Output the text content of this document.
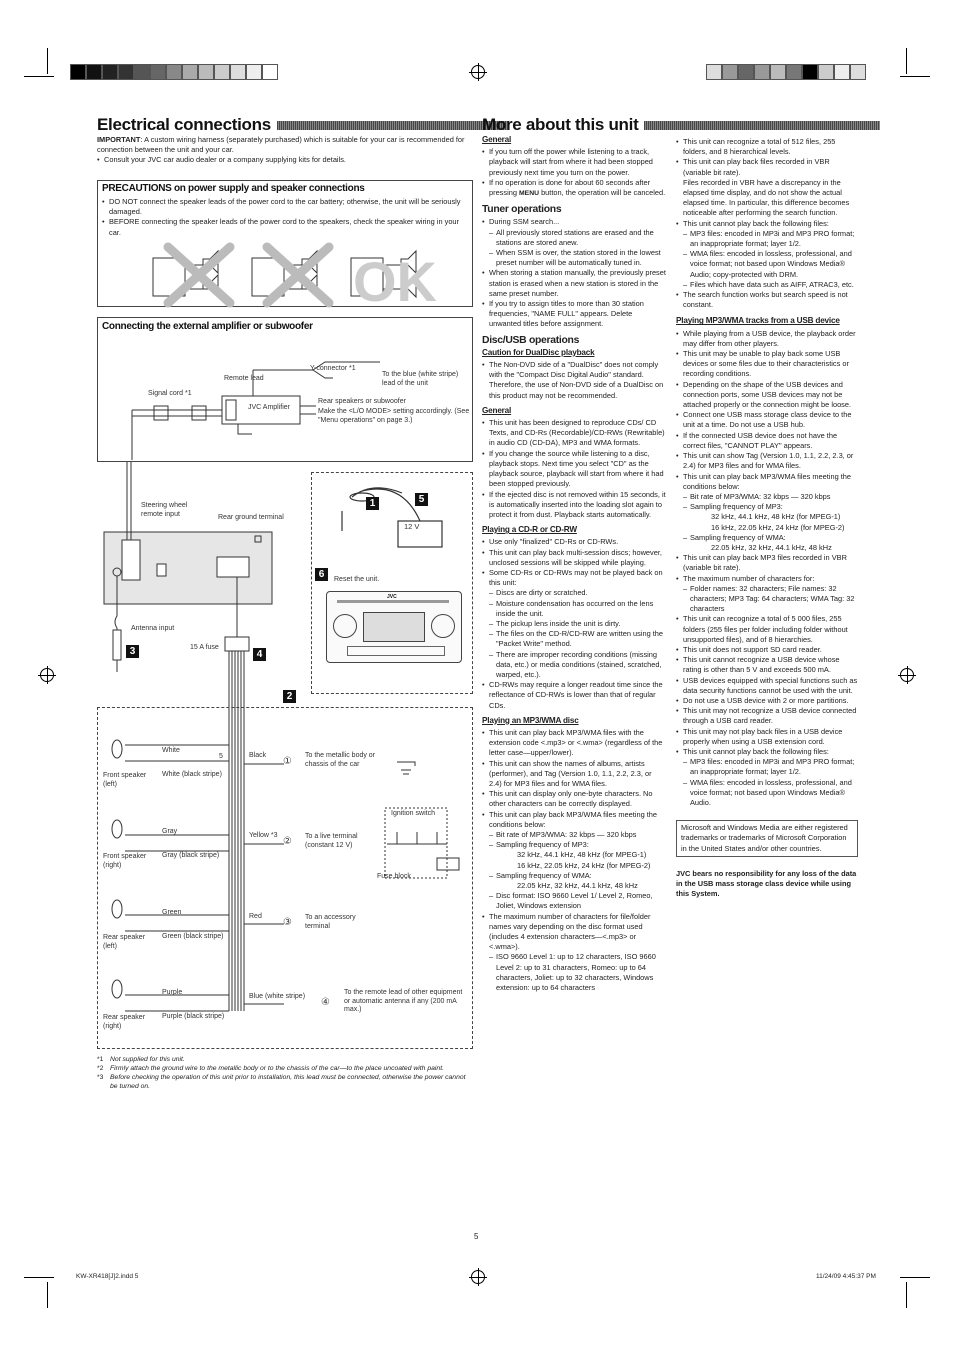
Electrical connections

IMPORTANT: A custom wiring harness (separately purchased) which is suitable for your car is recommended for connection between the unit and your car.

• Consult your JVC car audio dealer or a company supplying kits for details.
PRECAUTIONS on power supply and speaker connections
• DO NOT connect the speaker leads of the power cord to the car battery; otherwise, the unit will be seriously damaged.
• BEFORE connecting the speaker leads of the power cord to the speakers, check the speaker wiring in your car.
OK
Connecting the external amplifier or subwoofer
Remote lead
Y-connector *1
To the blue (white stripe) lead of the unit
Signal cord *1
JVC Amplifier
Rear speakers or subwoofer
Make the <L/O MODE> setting accordingly. (See "Menu operations" on page 3.)
Steering wheel remote input	Rear ground terminal
Antenna input
15 A fuse
12 V
Reset the unit.
JVC
1	5
6
3	4
2
White
White (black stripe)
Front speaker (left)
5
Gray
Gray (black stripe)
Front speaker (right)
Green
Green (black stripe)
Rear speaker (left)
Purple
Purple (black stripe)
Rear speaker (right)
Black
①
To the metallic body or chassis of the car
Yellow *3
② To a live terminal (constant 12 V)
Red
③ To an accessory terminal
Blue (white stripe)
④
To the remote lead of other equipment or automatic antenna if any (200 mA max.)
Ignition switch
Fuse block
*1 Not supplied for this unit.
*2 Firmly attach the ground wire to the metallic body or to the chassis of the car—to the place uncoated with paint.
*3 Before checking the operation of this unit prior to installation, this lead must be connected, otherwise the power cannot be turned on.
More about this unit
General
• If you turn off the power while listening to a track, playback will start from where it had been stopped previously next time you turn on the power.
• If no operation is done for about 60 seconds after pressing MENU button, the operation will be canceled.
Tuner operations
• During SSM search...
– All previously stored stations are erased and the stations are stored anew.
– When SSM is over, the station stored in the lowest preset number will be automatically tuned in.
• When storing a station manually, the previously preset station is erased when a new station is stored in the same preset number.
• If you try to assign titles to more than 30 station frequencies, "NAME FULL" appears. Delete unwanted titles before assignment.
Disc/USB operations
Caution for DualDisc playback
• The Non-DVD side of a "DualDisc" does not comply with the "Compact Disc Digital Audio" standard. Therefore, the use of Non-DVD side of a DualDisc on this product may not be recommended.
General
• This unit has been designed to reproduce CDs/ CD Texts, and CD-Rs (Recordable)/CD-RWs (Rewritable) in audio CD (CD-DA), MP3 and WMA formats.
• If you change the source while listening to a disc, playback stops. Next time you select "CD" as the playback source, playback will start from where it had been stopped previously.
• If the ejected disc is not removed within 15 seconds, it is automatically inserted into the loading slot again to protect it from dust. Playback starts automatically.
Playing a CD-R or CD-RW
• Use only "finalized" CD-Rs or CD-RWs.
• This unit can play back multi-session discs; however, unclosed sessions will be skipped while playing.
• Some CD-Rs or CD-RWs may not be played back on this unit:
– Discs are dirty or scratched.
– Moisture condensation has occurred on the lens inside the unit.
– The pickup lens inside the unit is dirty.
– The files on the CD-R/CD-RW are written using the "Packet Write" method.
– There are improper recording conditions (missing data, etc.) or media conditions (stained, scratched, warped, etc.).
• CD-RWs may require a longer readout time since the reflectance of CD-RWs is lower than that of regular CDs.
Playing an MP3/WMA disc
• This unit can play back MP3/WMA files with the extension code <.mp3> or <.wma> (regardless of the letter case—upper/lower).
• This unit can show the names of albums, artists (performer), and Tag (Version 1.0, 1.1, 2.2, 2.3, or 2.4) for MP3 files and for WMA files.
• This unit can display only one-byte characters. No other characters can be correctly displayed.
• This unit can play back MP3/WMA files meeting the conditions below:
– Bit rate of MP3/WMA: 32 kbps — 320 kbps
– Sampling frequency of MP3:
32 kHz, 44.1 kHz, 48 kHz (for MPEG-1)
16 kHz, 22.05 kHz, 24 kHz (for MPEG-2)
– Sampling frequency of WMA:
22.05 kHz, 32 kHz, 44.1 kHz, 48 kHz
– Disc format: ISO 9660 Level 1/ Level 2, Romeo, Joliet, Windows extension
• The maximum number of characters for file/folder names vary depending on the disc format used (includes 4 extension characters—<.mp3> or <.wma>).
– ISO 9660 Level 1: up to 12 characters, ISO 9660 Level 2: up to 31 characters, Romeo: up to 64 characters, Joliet: up to 32 characters, Windows extension: up to 64 characters
• This unit can recognize a total of 512 files, 255 folders, and 8 hierarchical levels.
• This unit can play back files recorded in VBR (variable bit rate).
Files recorded in VBR have a discrepancy in the elapsed time display, and do not show the actual elapsed time. In particular, this difference becomes noticeable after performing the search function.
• This unit cannot play back the following files:
– MP3 files: encoded in MP3i and MP3 PRO format; an inappropriate format; layer 1/2.
– WMA files: encoded in lossless, professional, and voice format; not based upon Windows Media® Audio; copy-protected with DRM.
– Files which have data such as AIFF, ATRAC3, etc.
• The search function works but search speed is not constant.
Playing MP3/WMA tracks from a USB device
• While playing from a USB device, the playback order may differ from other players.
• This unit may be unable to play back some USB devices or some files due to their characteristics or recording conditions.
• Depending on the shape of the USB devices and connection ports, some USB devices may not be attached properly or the connection might be loose.
• Connect one USB mass storage class device to the unit at a time. Do not use a USB hub.
• If the connected USB device does not have the correct files, "CANNOT PLAY" appears.
• This unit can show Tag (Version 1.0, 1.1, 2.2, 2.3, or 2.4) for MP3 files and for WMA files.
• This unit can play back MP3/WMA files meeting the conditions below:
– Bit rate of MP3/WMA: 32 kbps — 320 kbps
– Sampling frequency of MP3:
32 kHz, 44.1 kHz, 48 kHz (for MPEG-1)
16 kHz, 22.05 kHz, 24 kHz (for MPEG-2)
– Sampling frequency of WMA:
22.05 kHz, 32 kHz, 44.1 kHz, 48 kHz
• This unit can play back MP3 files recorded in VBR (variable bit rate).
• The maximum number of characters for:
– Folder names: 32 characters; File names: 32 characters; MP3 Tag: 64 characters; WMA Tag: 32 characters
• This unit can recognize a total of 5 000 files, 255 folders (255 files per folder including folder without unsupported files), and of 8 hierarchies.
• This unit does not support SD card reader.
• This unit cannot recognize a USB device whose rating is other than 5 V and exceeds 500 mA.
• USB devices equipped with special functions such as data security functions cannot be used with the unit.
• Do not use a USB device with 2 or more partitions.
• This unit may not recognize a USB device connected through a USB card reader.
• This unit may not play back files in a USB device properly when using a USB extension cord.
• This unit cannot play back the following files:
– MP3 files: encoded in MP3i and MP3 PRO format; an inappropriate format; layer 1/2.
– WMA files: encoded in lossless, professional, and voice format; not based upon Windows Media® Audio.
Microsoft and Windows Media are either registered trademarks or trademarks of Microsoft Corporation in the United States and/or other countries.
JVC bears no responsibility for any loss of the data in the USB mass storage class device while using this System.
5
KW-XR418[J]2.indd 5	11/24/09 4:45:37 PM
